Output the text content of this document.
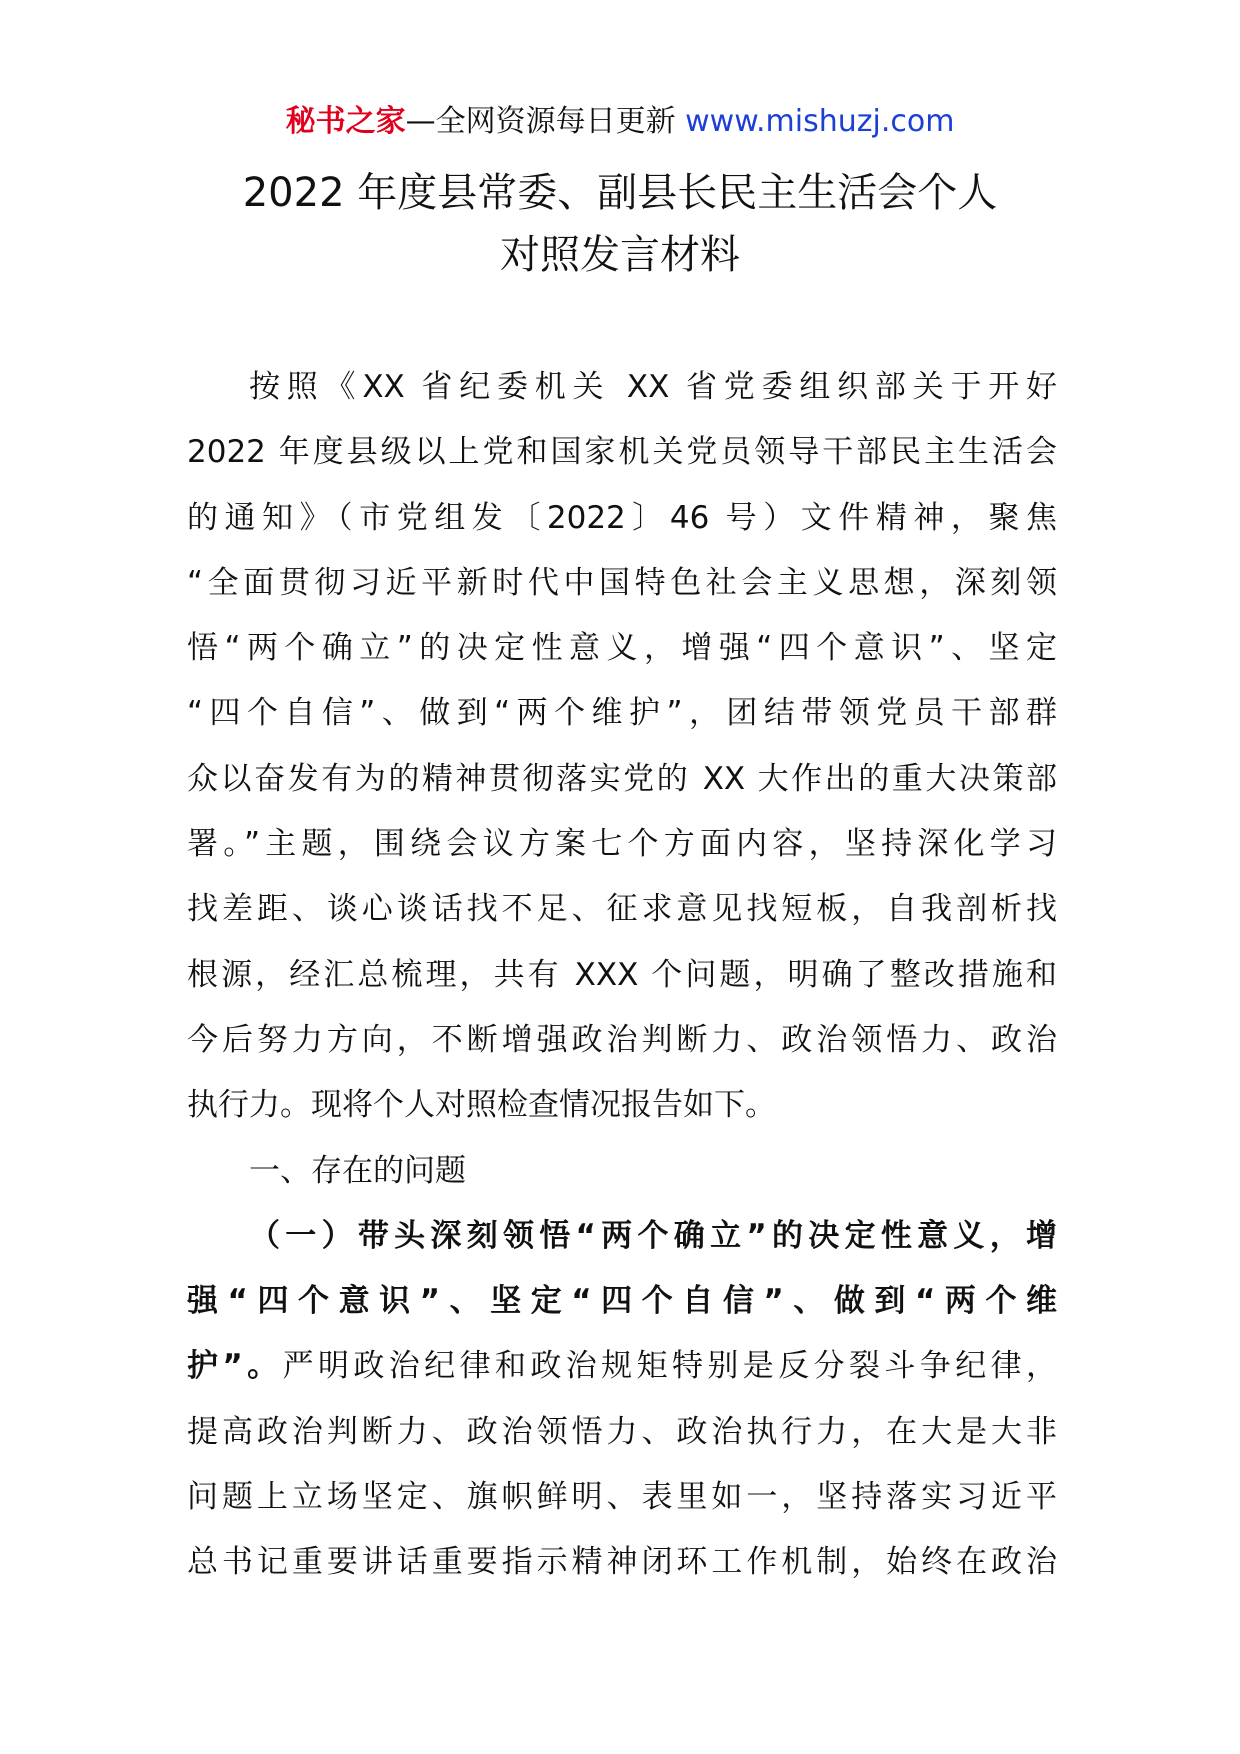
秘书之家—全网资源每日更新 www.mishuzj.com
2022 年度县常委、副县长民主生活会个人
对照发言材料
按照《XX 省纪委机关 XX 省党委组织部关于开好
2022 年度县级以上党和国家机关党员领导干部民主生活会
的通知》（市党组发〔2022〕46 号）文件精神，聚焦
“全面贯彻习近平新时代中国特色社会主义思想，深刻领
悟“两个确立”的决定性意义，增强“四个意识”、坚定
“四个自信”、做到“两个维护”，团结带领党员干部群
众以奋发有为的精神贯彻落实党的 XX 大作出的重大决策部
署。”主题，围绕会议方案七个方面内容，坚持深化学习
找差距、谈心谈话找不足、征求意见找短板，自我剖析找
根源，经汇总梳理，共有 XXX 个问题，明确了整改措施和
今后努力方向，不断增强政治判断力、政治领悟力、政治
执行力。现将个人对照检查情况报告如下。
一、存在的问题
（一）带头深刻领悟“两个确立”的决定性意义，增
强“四个意识”、坚定“四个自信”、做到“两个维
护”。严明政治纪律和政治规矩特别是反分裂斗争纪律，
提高政治判断力、政治领悟力、政治执行力，在大是大非
问题上立场坚定、旗帜鲜明、表里如一，坚持落实习近平
总书记重要讲话重要指示精神闭环工作机制，始终在政治
